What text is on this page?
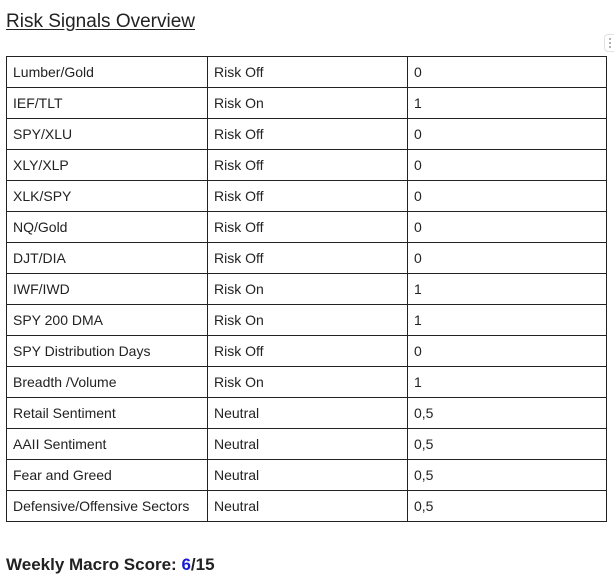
Risk Signals Overview
Lumber/Gold	Risk Off	0
IEF/TLT	Risk On	1
SPY/XLU	Risk Off	0
XLY/XLP	Risk Off	0
XLK/SPY	Risk Off	0
NQ/Gold	Risk Off	0
DJT/DIA	Risk Off	0
IWF/IWD	Risk On	1
SPY 200 DMA	Risk On	1
SPY Distribution Days	Risk Off	0
Breadth /Volume	Risk On	1
Retail Sentiment	Neutral	0,5
AAII Sentiment	Neutral	0,5
Fear and Greed	Neutral	0,5
Defensive/Offensive Sectors	Neutral	0,5
Weekly Macro Score: 6/15
